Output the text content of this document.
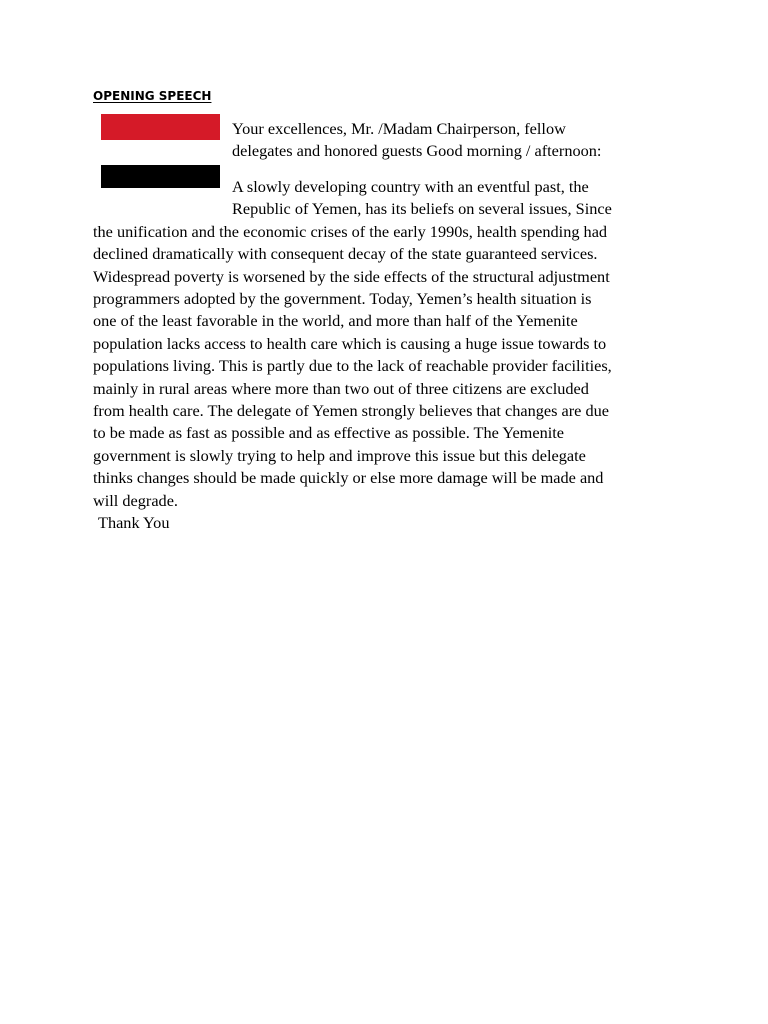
OPENING SPEECH

Your excellences, Mr. /Madam Chairperson, fellow
delegates and honored guests Good morning / afternoon:

A slowly developing country with an eventful past, the
Republic of Yemen, has its beliefs on several issues, Since
the unification and the economic crises of the early 1990s, health spending had
declined dramatically with consequent decay of the state guaranteed services.
Widespread poverty is worsened by the side effects of the structural adjustment
programmers adopted by the government. Today, Yemen’s health situation is
one of the least favorable in the world, and more than half of the Yemenite
population lacks access to health care which is causing a huge issue towards to
populations living. This is partly due to the lack of reachable provider facilities,
mainly in rural areas where more than two out of three citizens are excluded
from health care. The delegate of Yemen strongly believes that changes are due
to be made as fast as possible and as effective as possible. The Yemenite
government is slowly trying to help and improve this issue but this delegate
thinks changes should be made quickly or else more damage will be made and
will degrade.
Thank You
